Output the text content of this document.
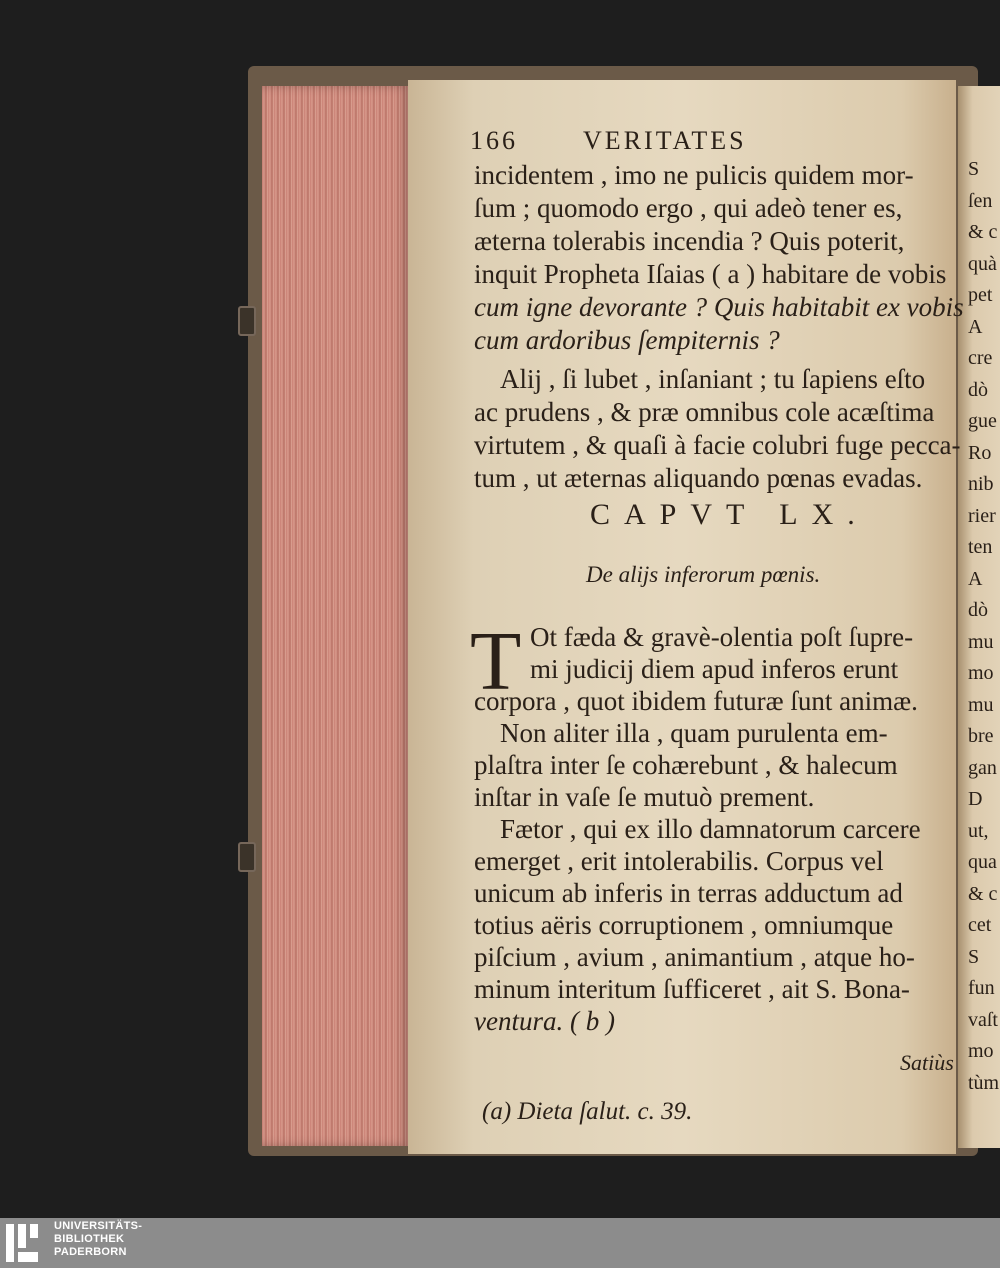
166	VERITATES
incidentem , imo ne pulicis quidem mor-
ſum ; quomodo ergo , qui adeò tener es,
æterna tolerabis incendia ? Quis poterit,
inquit Propheta Iſaias ( a ) habitare de vobis
cum igne devorante ? Quis habitabit ex vobis
cum ardoribus ſempiternis ?
Alij , ſi lubet , inſaniant ; tu ſapiens eſto
ac prudens , & præ omnibus cole acæſtima
virtutem , & quaſi à facie colubri fuge pecca-
tum , ut æternas aliquando pœnas evadas.
CAPVT LX.
De alijs inferorum pœnis.
T Ot fæda & gravè-olentia poſt ſupre-
mi judicij diem apud inferos erunt
corpora , quot ibidem futuræ ſunt animæ.
Non aliter illa , quam purulenta em-
plaſtra inter ſe cohærebunt , & halecum
inſtar in vaſe ſe mutuò prement.
Fætor , qui ex illo damnatorum carcere
emerget , erit intolerabilis. Corpus vel
unicum ab inferis in terras adductum ad
totius aëris corruptionem , omniumque
piſcium , avium , animantium , atque ho-
minum interitum ſufficeret , ait S. Bona-
ventura. ( b )
Satiùs
(a) Dieta ſalut. c. 39.
S
ſen
& c
quà
pet
A
cre
dò
gue
Ro
nib
rier
ten
A
dò
mu
mo
mu
bre
gan
D
ut,
qua
& c
cet
S
fun
vaſt
mo
tùm
UNIVERSITÄTS-
BIBLIOTHEK
PADERBORN
